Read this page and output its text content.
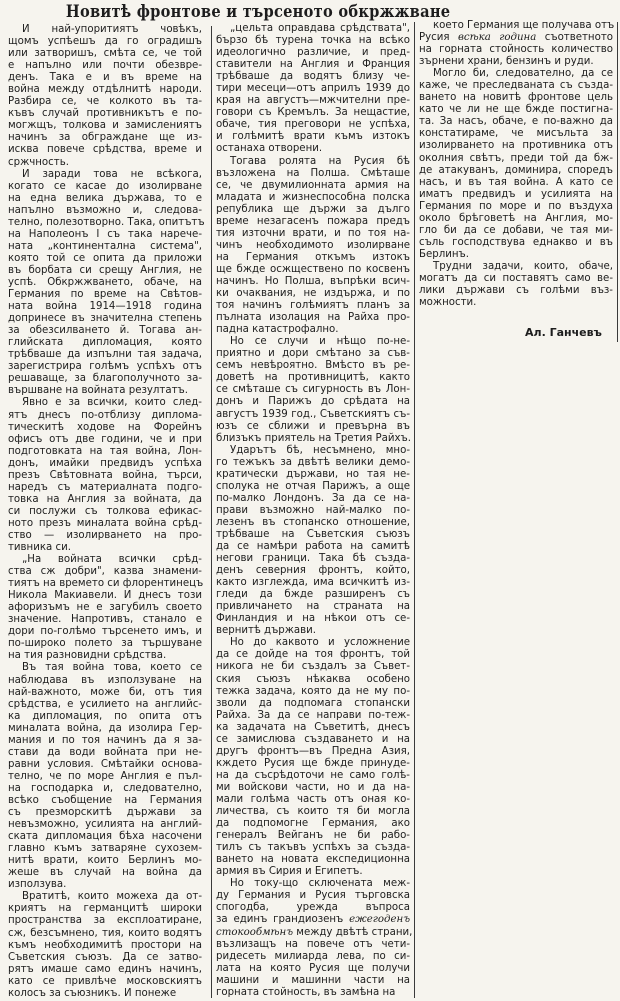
Новитѣ фронтове и търсеното обкржжване
И най-упоритиятъ човѣкъ,
щомъ успѣешъ да го оградишъ
или затворишъ, смѣта се, че той
е напълно или почти обезвре-
денъ. Така е и въ време на
война между отдѣлнитѣ народи.
Разбира се, че колкото въ та-
къвъ случай противникътъ е по-
могжщъ, толкова и замислениятъ
начинъ за обграждане ще из-
исква повече срѣдства, време и
сржчность.
И заради това не всѣкога,
когато се касае до изолирване
на една велика държава, то е
напълно възможно и, следова-
телно, полезотворно. Така, опитътъ
на Наполеонъ I съ така нарече-
ната „континентална система",
която той се опита да приложи
въ борбата си срещу Англия, не
успѣ. Обкржжването, обаче, на
Германия по време на Свѣтов-
ната война 1914—1918 година
допринесе въ значителна степень
за обезсилването й. Тогава ан-
глийската дипломация, която
трѣбваше да изпълни тая задача,
зарегистрира голѣмъ успѣхъ отъ
решаваще, за благополучното за-
вършване на войната резултатъ.
Явно е за всички, които след-
ятъ днесъ по-отблизу диплома-
тическитѣ ходове на Форейнъ
офисъ отъ две години, че и при
подготовката на тая война, Лон-
донъ, имайки предвидъ успѣха
презъ Свѣтовната война, търси,
наредъ съ материалната подго-
товка на Англия за войната, да
си послужи съ толкова ефикас-
ното презъ миналата война срѣд-
ство — изолирването на про-
тивника си.
„На войната всички срѣд-
ства сж добри", казва знамени-
тиятъ на времето си флорентинецъ
Никола Макиавели. И днесъ този
афоризъмъ не е загубилъ своето
значение. Напротивъ, станало е
дори по-голѣмо търсенето имъ, и
по-широко полето за тършуване
на тия разновидни срѣдства.
Въ тая война това, което се
наблюдава въ използуване на
най-важното, може би, отъ тия
срѣдства, е усилието на английс-
ка дипломация, по опита отъ
миналата война, да изолира Гер-
мания и по тоя начинъ да я за-
стави да води войната при не-
равни условия. Смѣтайки основа-
телно, че по море Англия е пъл-
на господарка и, следователно,
всѣко съобщение на Германия
съ презморскитѣ държави за
невъзможно, усилията на англий-
ската дипломация бѣха насочени
главно къмъ затваряне сухозем-
нитѣ врати, които Берлинъ мо-
жеше въ случай на война да
използува.
Вратитѣ, които можеха да от-
криятъ на германцитѣ широки
пространства за експлоатиране,
сж, безсъмнено, тия, които водятъ
къмъ необходимитѣ простори на
Съветския съюзъ. Да се затво-
рятъ имаше само единъ начинъ,
като се привлѣче московскиятъ
колосъ за съюзникъ. И понеже
„цельта оправдава срѣдствата",
бързо бѣ турена точка на всѣко
идеологично различие, и пред-
ставители на Англия и Франция
трѣбваше да водятъ близу че-
тири месеци—отъ априлъ 1939 до
края на августъ—мжчителни пре-
говори съ Кремълъ. За нещастие,
обаче, тия преговори не успѣха,
и голѣмитѣ врати къмъ изтокъ
останаха отворени.
Тогава ролята на Русия бѣ
възложена на Полша. Смѣташе
се, че двумилионната армия на
младата и жизнеспособна полска
република ще държи за дълго
време незагасенъ пожара предъ
тия източни врати, и по тоя на-
чинъ необходимото изолирване
на Германия откъмъ изтокъ
ще бжде осжществено по косвенъ
начинъ. Но Полша, въпрѣки всич-
ки очаквания, не издържа, и по
тоя начинъ голѣмиятъ планъ за
пълната изолация на Райха про-
падна катастрофално.
Но се случи и нѣщо по-не-
приятно и дори смѣтано за съв-
семъ невѣроятно. Вмѣсто въ ре-
доветѣ на противницитѣ, както
се смѣташе съ сигурность въ Лон-
донъ и Парижъ до срѣдата на
августъ 1939 год., Съветскиятъ съ-
юзъ се сближи и превърна въ
близъкъ приятель на Третия Райхъ.
Ударътъ бѣ, несъмнено, мно-
го тежъкъ за двѣтѣ велики демо-
кратически държави, но тая не-
сполука не отчая Парижъ, а още
по-малко Лондонъ. За да се на-
прави възможно най-малко по-
лезенъ въ стопанско отношение,
трѣбваше на Съветския съюзъ
да се намѣри работа на самитѣ
негови граници. Така бѣ създа-
денъ северния фронтъ, който,
както изглежда, има всичкитѣ из-
гледи да бжде разширенъ съ
привличането на страната на
Финландия и на нѣкои отъ се-
вернитѣ държави.
Но до каквото и усложнение
да се дойде на тоя фронтъ, той
никога не би създалъ за Съвет-
ския съюзъ нѣкаква особено
тежка задача, която да не му по-
зволи да подпомага стопански
Райха. За да се направи по-теж-
ка задачата на Съветитѣ, днесъ
се замислюва създаването и на
другъ фронтъ—въ Предна Азия,
кждето Русия ще бжде принуде-
на да съсрѣдоточи не само голѣ-
ми войскови части, но и да на-
мали голѣма часть отъ оная ко-
личества, съ които тя би могла
да подпомогне Германия, ако
генералъ Вейганъ не би рабо-
тилъ съ такъвъ успѣхъ за създа-
ването на новата експедиционна
армия въ Сирия и Египетъ.
Но току-що сключената меж-
ду Германия и Русия търговска
спогодба, урежда въпроса
за единъ грандиозенъ ежегоденъ
стокообмѣнъ между двѣтѣ страни,
възлизащъ на повече отъ чети-
ридесеть милиарда лева, по си-
лата на която Русия ще получи
машини и машинни части на
горната стойность, въ замѣна на
което Германия ще получава отъ
Русия всѣка година съответното
на горната стойность количество
зърнени храни, бензинъ и руди.
Могло би, следователно, да се
каже, че преследваната съ създа-
ването на новитѣ фронтове цель
като че ли не ще бжде постигна-
та. За насъ, обаче, е по-важно да
констатираме, че мисъльта за
изолирването на противника отъ
околния свѣтъ, преди той да бж-
де атакуванъ, доминира, споредъ
насъ, и въ тая война. А като се
иматъ предвидъ и усилията на
Германия по море и по въздуха
около брѣговетѣ на Англия, мо-
гло би да се добави, че тая ми-
съль господствува еднакво и въ
Берлинъ.
Трудни задачи, които, обаче,
могатъ да си поставятъ само ве-
лики държави съ голѣми въз-
можности.
Ал. Ганчевъ
